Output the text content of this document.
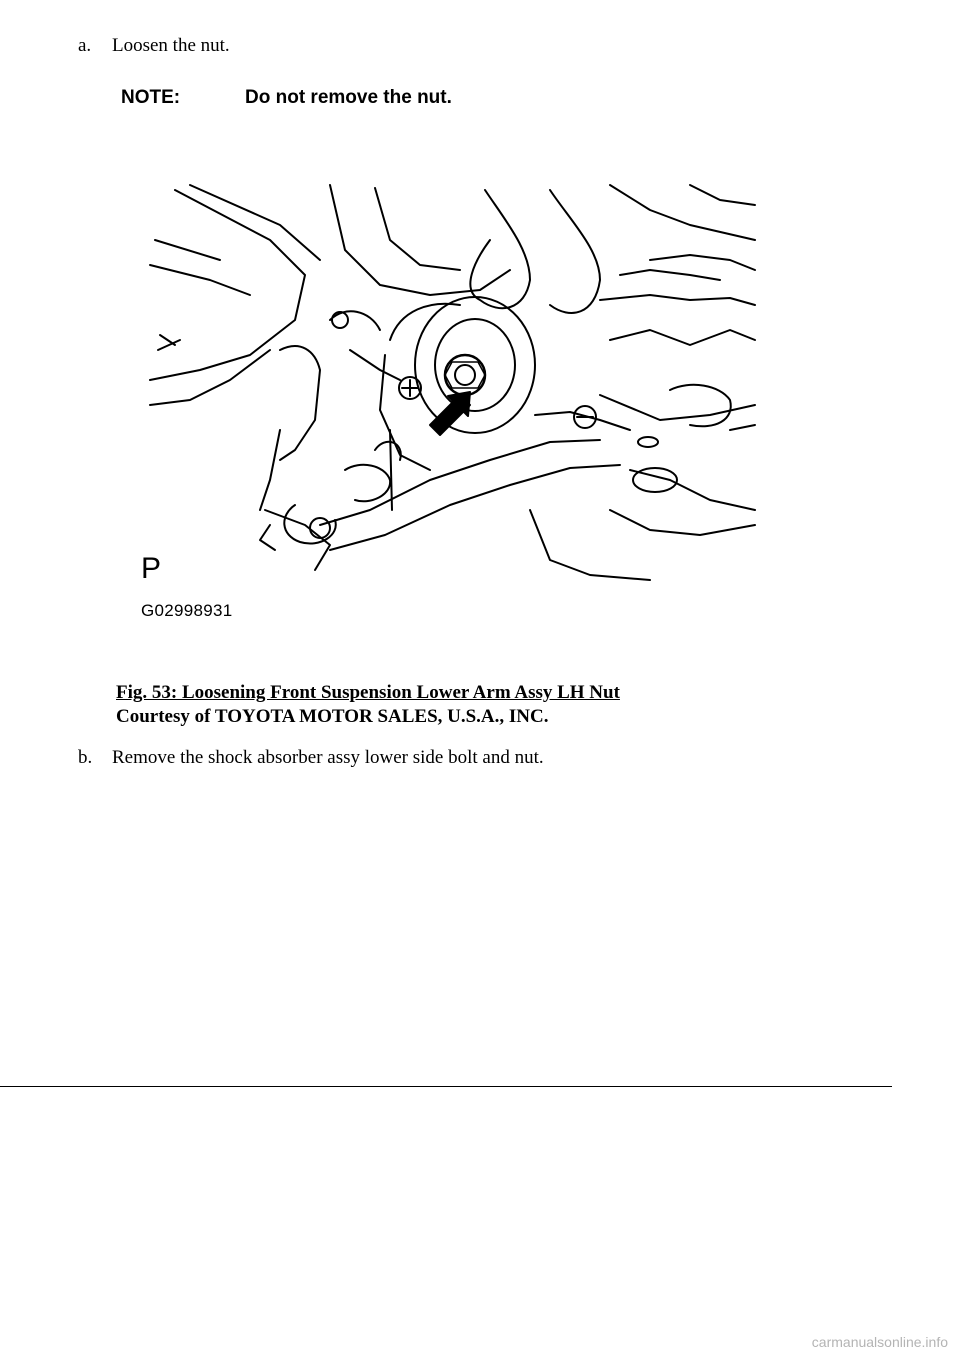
a. Loosen the nut.
NOTE:	Do not remove the nut.
P
G02998931
Fig. 53: Loosening Front Suspension Lower Arm Assy LH Nut
Courtesy of TOYOTA MOTOR SALES, U.S.A., INC.
b. Remove the shock absorber assy lower side bolt and nut.
carmanualsonline.info
